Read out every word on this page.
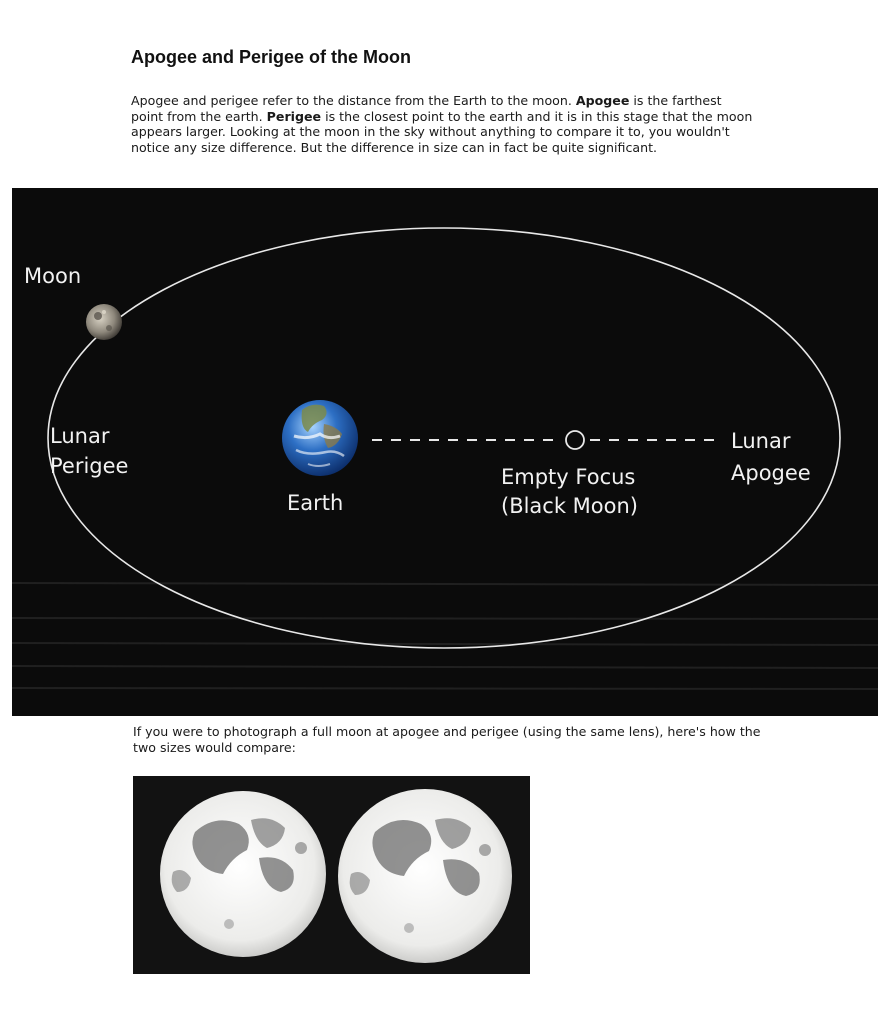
Apogee and Perigee of the Moon

Apogee and perigee refer to the distance from the Earth to the moon. Apogee is the farthest point from the earth. Perigee is the closest point to the earth and it is in this stage that the moon appears larger. Looking at the moon in the sky without anything to compare it to, you wouldn't notice any size difference. But the difference in size can in fact be quite significant.

Moon
Lunar
Perigee
Earth
Empty Focus
(Black Moon)
Lunar
Apogee

If you were to photograph a full moon at apogee and perigee (using the same lens), here's how the two sizes would compare:
